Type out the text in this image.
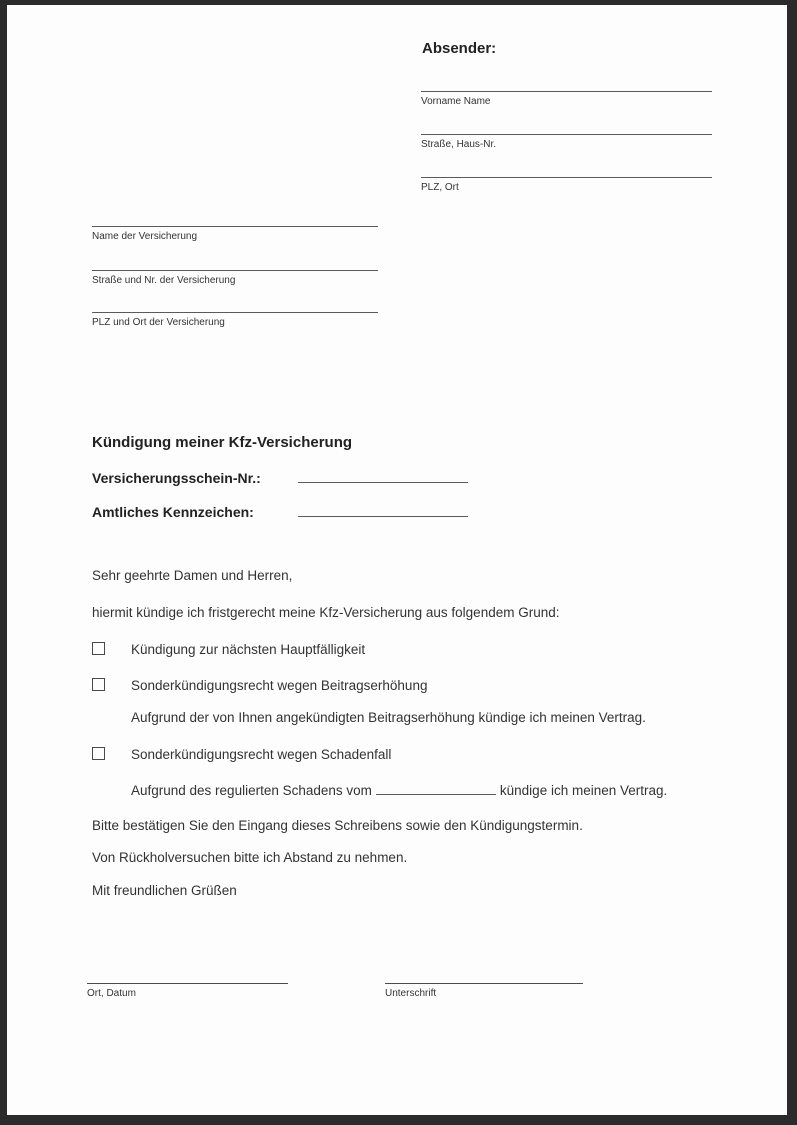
Absender:
Vorname Name
Straße, Haus-Nr.
PLZ, Ort
Name der Versicherung
Straße und Nr. der Versicherung
PLZ und Ort der Versicherung
Kündigung meiner Kfz-Versicherung
Versicherungsschein-Nr.:
Amtliches Kennzeichen:
Sehr geehrte Damen und Herren,
hiermit kündige ich fristgerecht meine Kfz-Versicherung aus folgendem Grund:
Kündigung zur nächsten Hauptfälligkeit
Sonderkündigungsrecht wegen Beitragserhöhung
Aufgrund der von Ihnen angekündigten Beitragserhöhung kündige ich meinen Vertrag.
Sonderkündigungsrecht wegen Schadenfall
Aufgrund des regulierten Schadens vom	kündige ich meinen Vertrag.
Bitte bestätigen Sie den Eingang dieses Schreibens sowie den Kündigungstermin.
Von Rückholversuchen bitte ich Abstand zu nehmen.
Mit freundlichen Grüßen
Ort, Datum	Unterschrift
